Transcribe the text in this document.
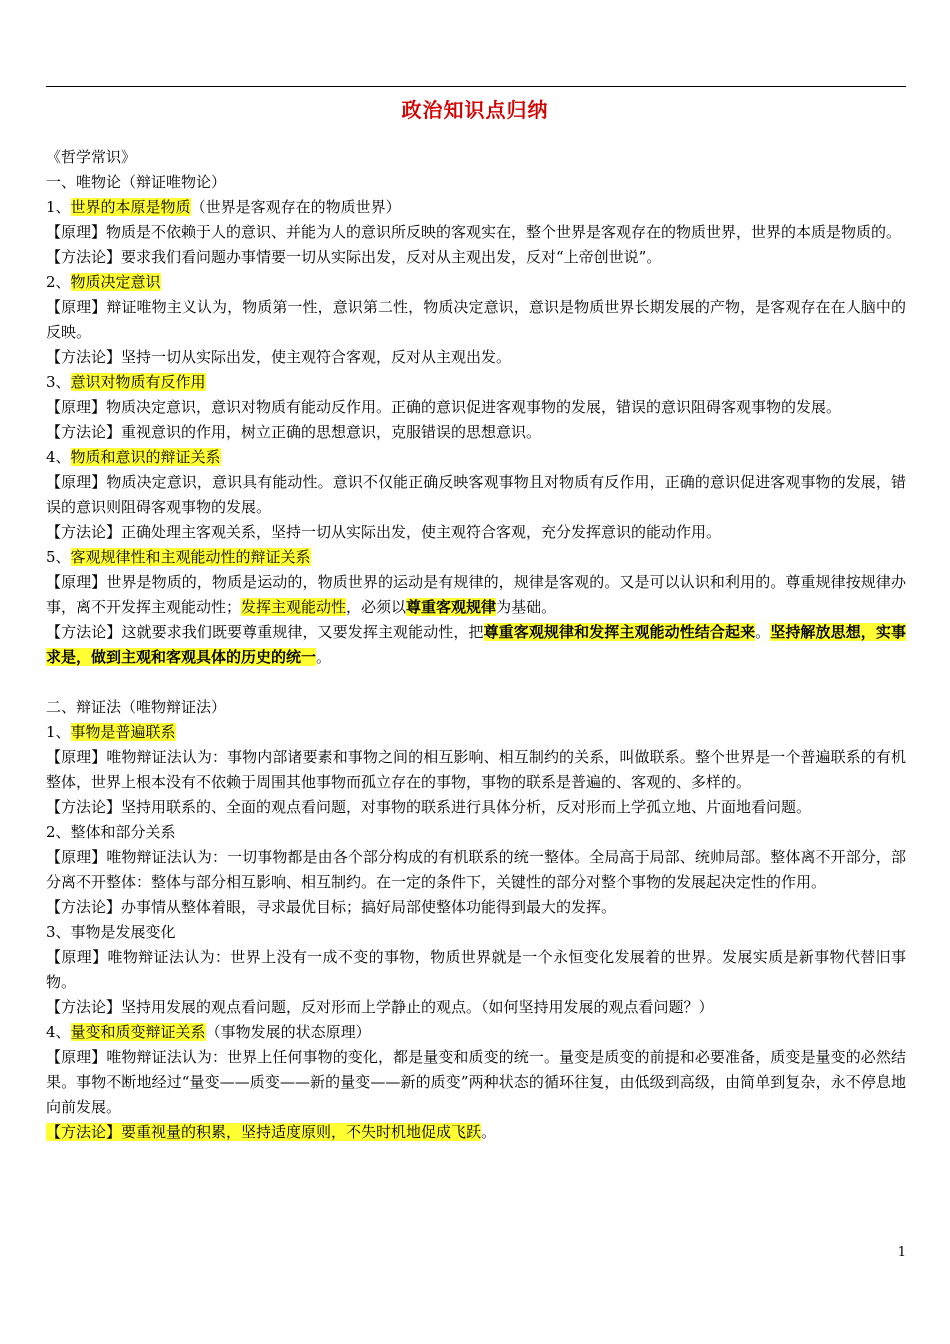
政治知识点归纳

《哲学常识》

一、唯物论（辩证唯物论）

1、世界的本原是物质（世界是客观存在的物质世界）

【原理】物质是不依赖于人的意识、并能为人的意识所反映的客观实在，整个世界是客观存在的物质世界，世界的本质是物质的。

【方法论】要求我们看问题办事情要一切从实际出发，反对从主观出发，反对“上帝创世说”。

2、物质决定意识

【原理】辩证唯物主义认为，物质第一性，意识第二性，物质决定意识，意识是物质世界长期发展的产物，是客观存在在人脑中的反映。

【方法论】坚持一切从实际出发，使主观符合客观，反对从主观出发。

3、意识对物质有反作用

【原理】物质决定意识，意识对物质有能动反作用。正确的意识促进客观事物的发展，错误的意识阻碍客观事物的发展。

【方法论】重视意识的作用，树立正确的思想意识，克服错误的思想意识。

4、物质和意识的辩证关系

【原理】物质决定意识，意识具有能动性。意识不仅能正确反映客观事物且对物质有反作用，正确的意识促进客观事物的发展，错误的意识则阻碍客观事物的发展。

【方法论】正确处理主客观关系，坚持一切从实际出发，使主观符合客观，充分发挥意识的能动作用。

5、客观规律性和主观能动性的辩证关系

【原理】世界是物质的，物质是运动的，物质世界的运动是有规律的，规律是客观的。又是可以认识和利用的。尊重规律按规律办事，离不开发挥主观能动性；发挥主观能动性，必须以尊重客观规律为基础。

【方法论】这就要求我们既要尊重规律，又要发挥主观能动性，把尊重客观规律和发挥主观能动性结合起来。坚持解放思想，实事求是，做到主观和客观具体的历史的统一。

二、辩证法（唯物辩证法）

1、事物是普遍联系

【原理】唯物辩证法认为：事物内部诸要素和事物之间的相互影响、相互制约的关系，叫做联系。整个世界是一个普遍联系的有机整体，世界上根本没有不依赖于周围其他事物而孤立存在的事物，事物的联系是普遍的、客观的、多样的。

【方法论】坚持用联系的、全面的观点看问题，对事物的联系进行具体分析，反对形而上学孤立地、片面地看问题。

2、整体和部分关系

【原理】唯物辩证法认为：一切事物都是由各个部分构成的有机联系的统一整体。全局高于局部、统帅局部。整体离不开部分，部分离不开整体：整体与部分相互影响、相互制约。在一定的条件下，关键性的部分对整个事物的发展起决定性的作用。

【方法论】办事情从整体着眼，寻求最优目标；搞好局部使整体功能得到最大的发挥。

3、事物是发展变化

【原理】唯物辩证法认为：世界上没有一成不变的事物，物质世界就是一个永恒变化发展着的世界。发展实质是新事物代替旧事物。

【方法论】坚持用发展的观点看问题，反对形而上学静止的观点。（如何坚持用发展的观点看问题？）

4、量变和质变辩证关系（事物发展的状态原理）

【原理】唯物辩证法认为：世界上任何事物的变化，都是量变和质变的统一。量变是质变的前提和必要准备，质变是量变的必然结果。事物不断地经过“量变——质变——新的量变——新的质变”两种状态的循环往复，由低级到高级，由简单到复杂，永不停息地向前发展。

【方法论】要重视量的积累，坚持适度原则，不失时机地促成飞跃。

1
